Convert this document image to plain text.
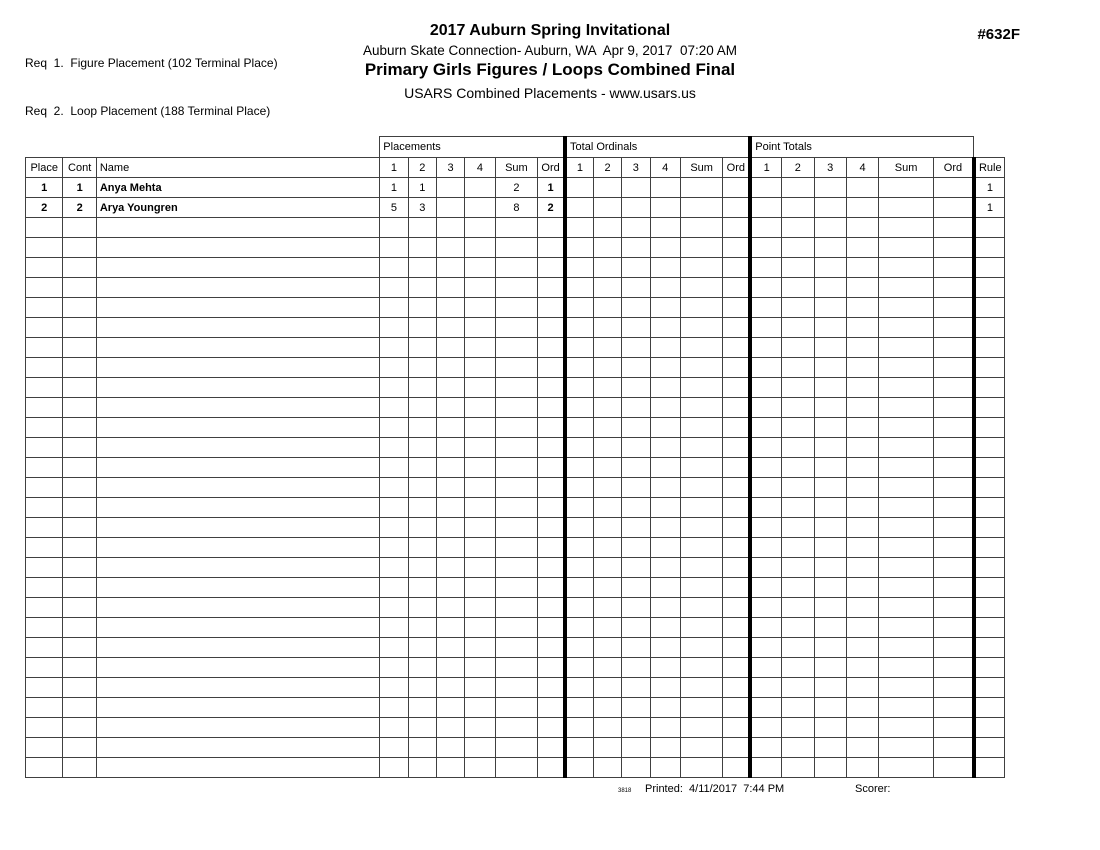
Req  1.  Figure Placement (102 Terminal Place)

Req  2.  Loop Placement (188 Terminal Place)

2017 Auburn Spring Invitational
Auburn Skate Connection- Auburn, WA  Apr 9, 2017  07:20 AM
Primary Girls Figures / Loops Combined Final
USARS Combined Placements - www.usars.us
#632F
			Placements						Total Ordinals						Point Totals						
Place	Cont	Name	1	2	3	4	Sum	Ord	1	2	3	4	Sum	Ord	1	2	3	4	Sum	Ord	Rule
1	1	Anya Mehta	1	1			2	1													1
2	2	Arya Youngren	5	3			8	2													1

3818 Printed:  4/11/2017  7:44 PM	Scorer:
